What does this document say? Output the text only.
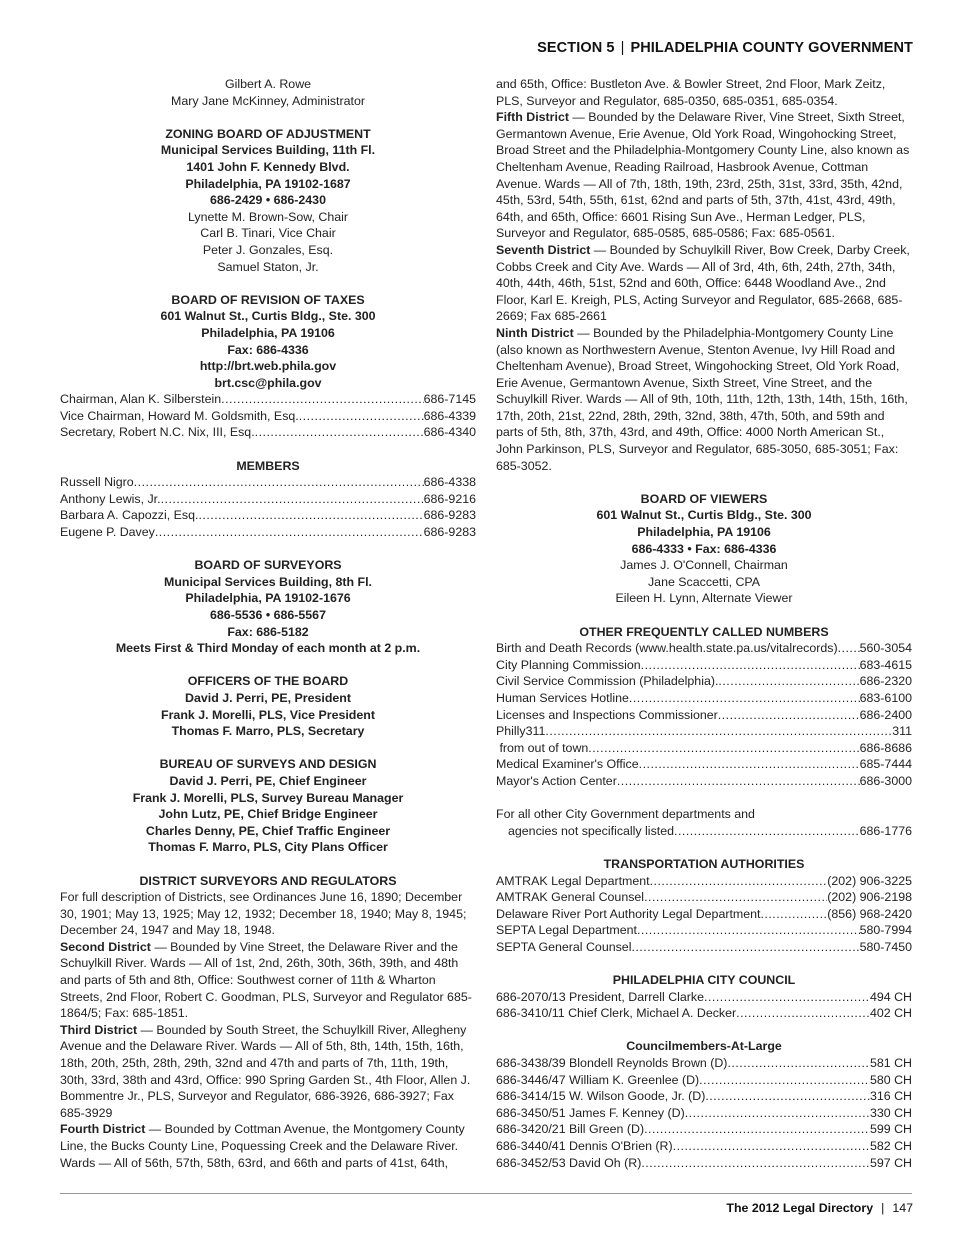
SECTION 5 | PHILADELPHIA COUNTY GOVERNMENT
Gilbert A. Rowe
Mary Jane McKinney, Administrator
ZONING BOARD OF ADJUSTMENT
Municipal Services Building, 11th Fl.
1401 John F. Kennedy Blvd.
Philadelphia, PA 19102-1687
686-2429 • 686-2430
Lynette M. Brown-Sow, Chair
Carl B. Tinari, Vice Chair
Peter J. Gonzales, Esq.
Samuel Staton, Jr.
BOARD OF REVISION OF TAXES
601 Walnut St., Curtis Bldg., Ste. 300
Philadelphia, PA 19106
Fax: 686-4336
http://brt.web.phila.gov
brt.csc@phila.gov
Chairman, Alan K. Silberstein .....	686-7145
Vice Chairman, Howard M. Goldsmith, Esq. .....	686-4339
Secretary, Robert N.C. Nix, III, Esq. .....	686-4340
MEMBERS
Russell Nigro .....	686-4338
Anthony Lewis, Jr. .....	686-9216
Barbara A. Capozzi, Esq. .....	686-9283
Eugene P. Davey .....	686-9283
BOARD OF SURVEYORS
Municipal Services Building, 8th Fl.
Philadelphia, PA 19102-1676
686-5536 • 686-5567
Fax: 686-5182
Meets First & Third Monday of each month at 2 p.m.
OFFICERS OF THE BOARD
David J. Perri, PE, President
Frank J. Morelli, PLS, Vice President
Thomas F. Marro, PLS, Secretary
BUREAU OF SURVEYS AND DESIGN
David J. Perri, PE, Chief Engineer
Frank J. Morelli, PLS, Survey Bureau Manager
John Lutz, PE, Chief Bridge Engineer
Charles Denny, PE, Chief Traffic Engineer
Thomas F. Marro, PLS, City Plans Officer
DISTRICT SURVEYORS AND REGULATORS
For full description of Districts, see Ordinances June 16, 1890; December 30, 1901; May 13, 1925; May 12, 1932; December 18, 1940; May 8, 1945; December 24, 1947 and May 18, 1948.
Second District — Bounded by Vine Street, the Delaware River and the Schuylkill River. Wards — All of 1st, 2nd, 26th, 30th, 36th, 39th, and 48th and parts of 5th and 8th, Office: Southwest corner of 11th & Wharton Streets, 2nd Floor, Robert C. Goodman, PLS, Surveyor and Regulator 685-1864/5; Fax: 685-1851.
Third District — Bounded by South Street, the Schuylkill River, Allegheny Avenue and the Delaware River. Wards — All of 5th, 8th, 14th, 15th, 16th, 18th, 20th, 25th, 28th, 29th, 32nd and 47th and parts of 7th, 11th, 19th, 30th, 33rd, 38th and 43rd, Office: 990 Spring Garden St., 4th Floor, Allen J. Bommentre Jr., PLS, Surveyor and Regulator, 686-3926, 686-3927; Fax 685-3929
Fourth District — Bounded by Cottman Avenue, the Montgomery County Line, the Bucks County Line, Poquessing Creek and the Delaware River. Wards — All of 56th, 57th, 58th, 63rd, and 66th and parts of 41st, 64th,
and 65th, Office: Bustleton Ave. & Bowler Street, 2nd Floor, Mark Zeitz, PLS, Surveyor and Regulator, 685-0350, 685-0351, 685-0354.
Fifth District — Bounded by the Delaware River, Vine Street, Sixth Street, Germantown Avenue, Erie Avenue, Old York Road, Wingohocking Street, Broad Street and the Philadelphia-Montgomery County Line, also known as Cheltenham Avenue, Reading Railroad, Hasbrook Avenue, Cottman Avenue. Wards — All of 7th, 18th, 19th, 23rd, 25th, 31st, 33rd, 35th, 42nd, 45th, 53rd, 54th, 55th, 61st, 62nd and parts of 5th, 37th, 41st, 43rd, 49th, 64th, and 65th, Office: 6601 Rising Sun Ave., Herman Ledger, PLS, Surveyor and Regulator, 685-0585, 685-0586; Fax: 685-0561.
Seventh District — Bounded by Schuylkill River, Bow Creek, Darby Creek, Cobbs Creek and City Ave. Wards — All of 3rd, 4th, 6th, 24th, 27th, 34th, 40th, 44th, 46th, 51st, 52nd and 60th, Office: 6448 Woodland Ave., 2nd Floor, Karl E. Kreigh, PLS, Acting Surveyor and Regulator, 685-2668, 685-2669; Fax 685-2661
Ninth District — Bounded by the Philadelphia-Montgomery County Line (also known as Northwestern Avenue, Stenton Avenue, Ivy Hill Road and Cheltenham Avenue), Broad Street, Wingohocking Street, Old York Road, Erie Avenue, Germantown Avenue, Sixth Street, Vine Street, and the Schuylkill River. Wards — All of 9th, 10th, 11th, 12th, 13th, 14th, 15th, 16th, 17th, 20th, 21st, 22nd, 28th, 29th, 32nd, 38th, 47th, 50th, and 59th and parts of 5th, 8th, 37th, 43rd, and 49th, Office: 4000 North American St., John Parkinson, PLS, Surveyor and Regulator, 685-3050, 685-3051; Fax: 685-3052.
BOARD OF VIEWERS
601 Walnut St., Curtis Bldg., Ste. 300
Philadelphia, PA 19106
686-4333 • Fax: 686-4336
James J. O'Connell, Chairman
Jane Scaccetti, CPA
Eileen H. Lynn, Alternate Viewer
OTHER FREQUENTLY CALLED NUMBERS
Birth and Death Records (www.health.state.pa.us/vitalrecords) ..... 560-3054
City Planning Commission .....	683-4615
Civil Service Commission (Philadelphia). .....	686-2320
Human Services Hotline .....	683-6100
Licenses and Inspections Commissioner .....	686-2400
Philly311 .....	311
from out of town .....	686-8686
Medical Examiner's Office .....	685-7444
Mayor's Action Center .....	686-3000
For all other City Government departments and
agencies not specifically listed .....	686-1776
TRANSPORTATION AUTHORITIES
AMTRAK Legal Department .....	(202) 906-3225
AMTRAK General Counsel .....	(202) 906-2198
Delaware River Port Authority Legal Department .....	(856) 968-2420
SEPTA Legal Department .....	580-7994
SEPTA General Counsel .....	580-7450
PHILADELPHIA CITY COUNCIL
686-2070/13 President, Darrell Clarke .....	494 CH
686-3410/11 Chief Clerk, Michael A. Decker .....	402 CH
Councilmembers-At-Large
686-3438/39 Blondell Reynolds Brown (D) .....	581 CH
686-3446/47 William K. Greenlee (D) .....	580 CH
686-3414/15 W. Wilson Goode, Jr. (D) .....	316 CH
686-3450/51 James F. Kenney (D) .....	330 CH
686-3420/21 Bill Green (D) .....	599 CH
686-3440/41 Dennis O'Brien (R) .....	582 CH
686-3452/53 David Oh (R) .....	597 CH
The 2012 Legal Directory | 147
